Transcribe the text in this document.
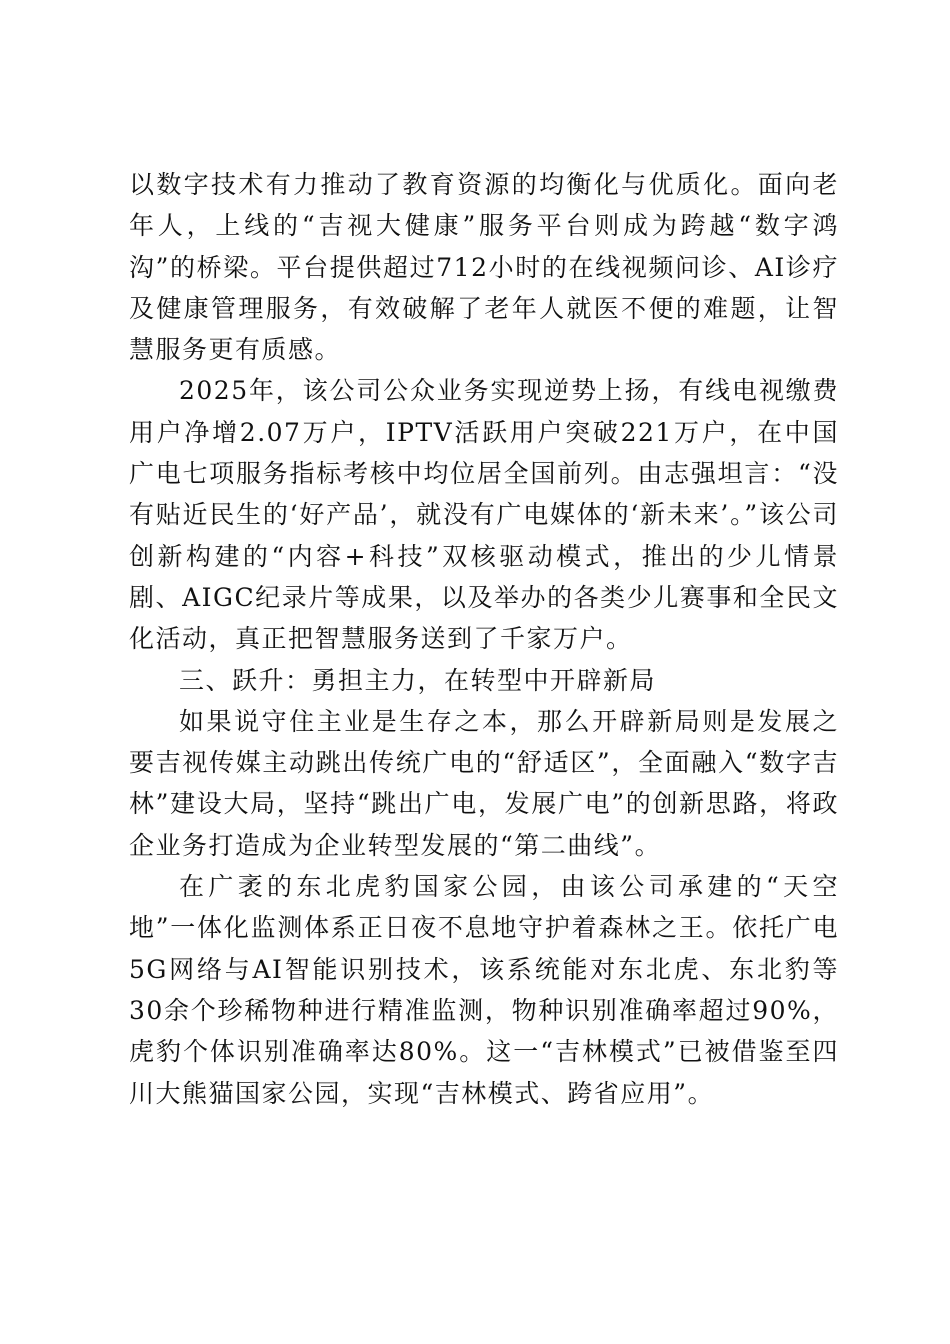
以数字技术有力推动了教育资源的均衡化与优质化。面向老年人，上线的“吉视大健康”服务平台则成为跨越“数字鸿沟”的桥梁。平台提供超过712小时的在线视频问诊、AI诊疗及健康管理服务，有效破解了老年人就医不便的难题，让智慧服务更有质感。

2025年，该公司公众业务实现逆势上扬，有线电视缴费用户净增2.07万户，IPTV活跃用户突破221万户，在中国广电七项服务指标考核中均位居全国前列。由志强坦言：“没有贴近民生的‘好产品’，就没有广电媒体的‘新未来’。”该公司创新构建的“内容+科技”双核驱动模式，推出的少儿情景剧、AIGC纪录片等成果，以及举办的各类少儿赛事和全民文化活动，真正把智慧服务送到了千家万户。

三、跃升：勇担主力，在转型中开辟新局

如果说守住主业是生存之本，那么开辟新局则是发展之要吉视传媒主动跳出传统广电的“舒适区”，全面融入“数字吉林”建设大局，坚持“跳出广电，发展广电”的创新思路，将政企业务打造成为企业转型发展的“第二曲线”。

在广袤的东北虎豹国家公园，由该公司承建的“天空地”一体化监测体系正日夜不息地守护着森林之王。依托广电5G网络与AI智能识别技术，该系统能对东北虎、东北豹等30余个珍稀物种进行精准监测，物种识别准确率超过90%，虎豹个体识别准确率达80%。这一“吉林模式”已被借鉴至四川大熊猫国家公园，实现“吉林模式、跨省应用”。
